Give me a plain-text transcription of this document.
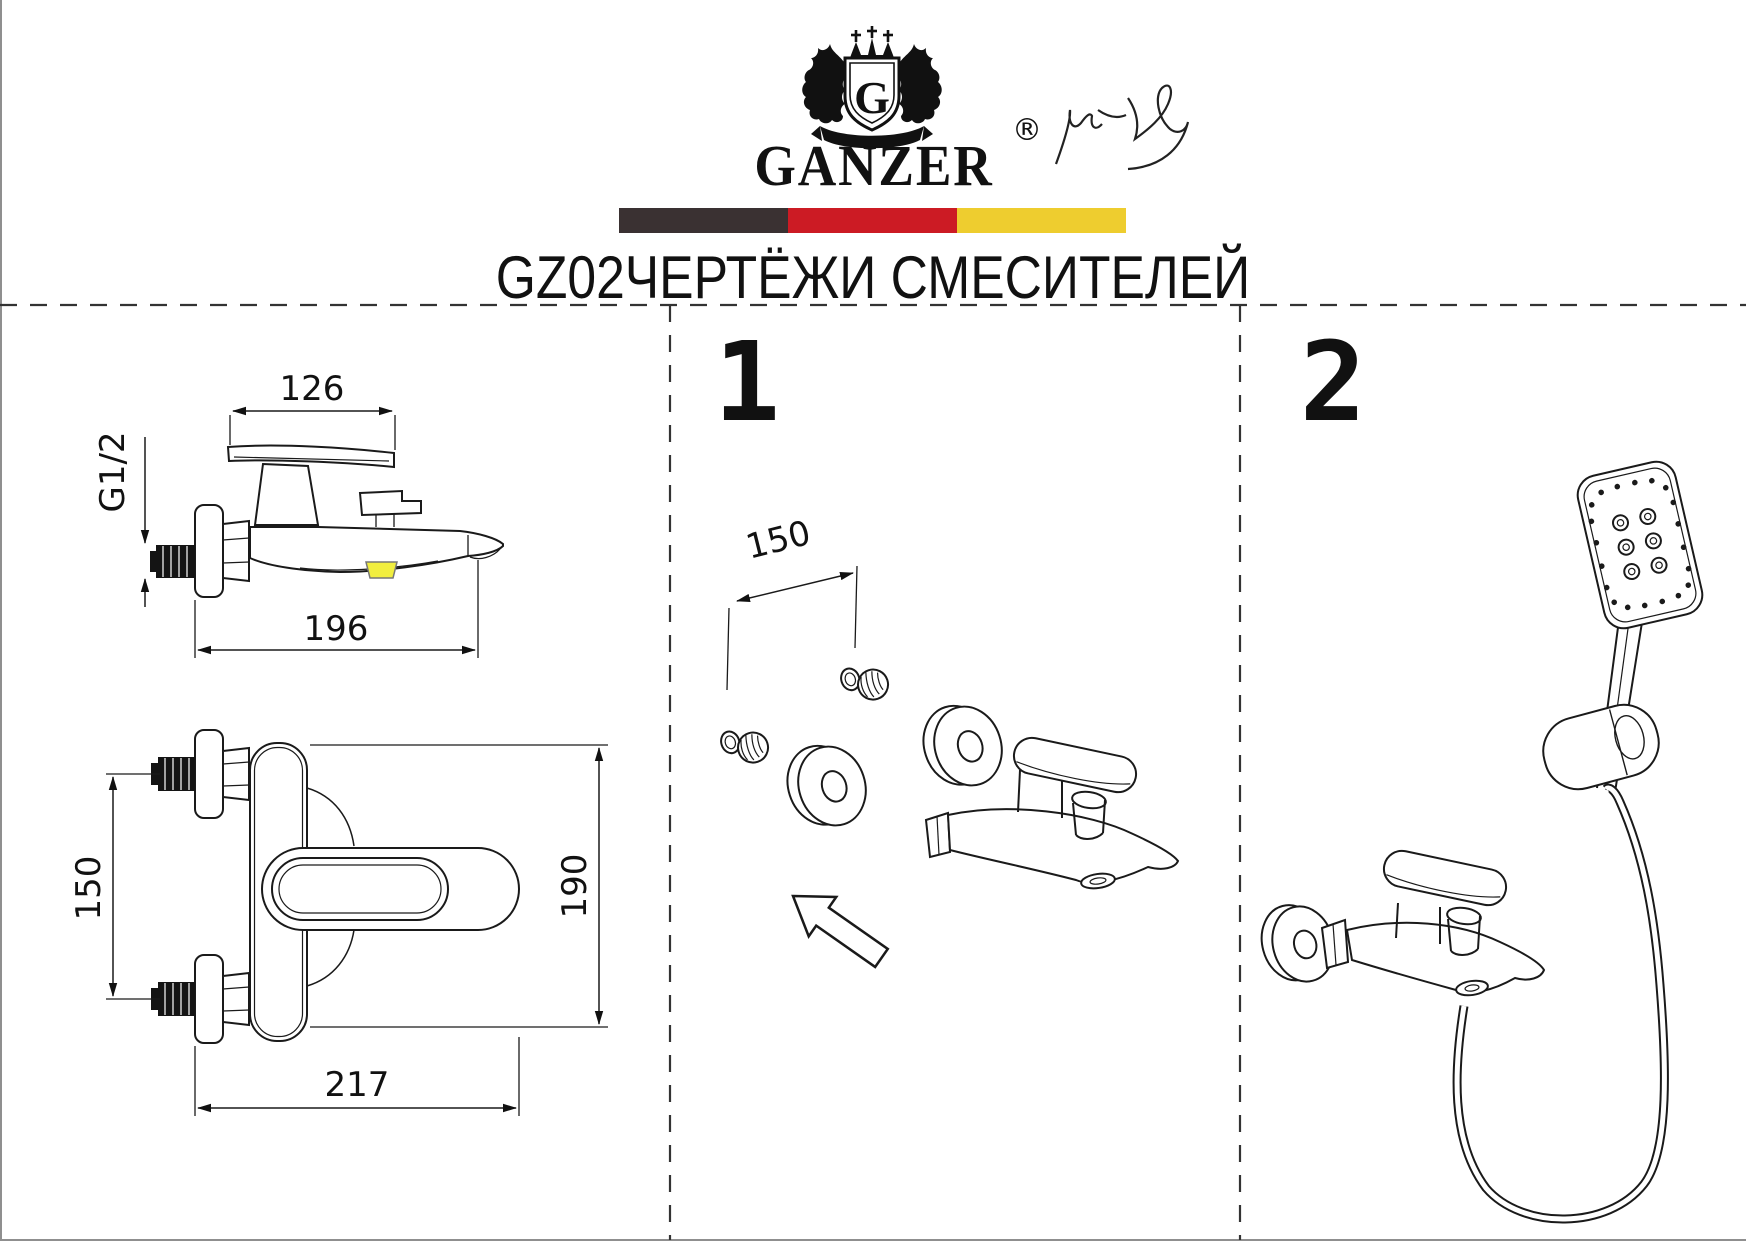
G
GANZER
®
GZ02ЧЕРТЁЖИ СМЕСИТЕЛЕЙ
126
G1/2
196
150	190
217
1
150
2
